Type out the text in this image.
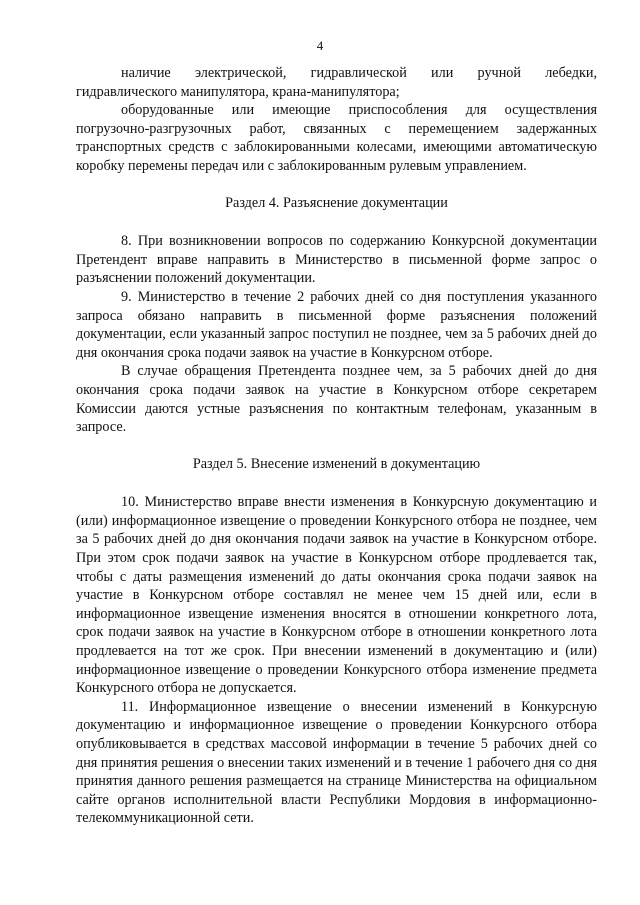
4

наличие электрической, гидравлической или ручной лебедки, гидравлического манипулятора, крана-манипулятора;

оборудованные или имеющие приспособления для осуществления погрузочно-разгрузочных работ, связанных с перемещением задержанных транспортных средств с заблокированными колесами, имеющими автоматическую коробку перемены передач или с заблокированным рулевым управлением.

Раздел 4. Разъяснение документации

8. При возникновении вопросов по содержанию Конкурсной документации Претендент вправе направить в Министерство в письменной форме запрос о разъяснении положений документации.

9. Министерство в течение 2 рабочих дней со дня поступления указанного запроса обязано направить в письменной форме разъяснения положений документации, если указанный запрос поступил не позднее, чем за 5 рабочих дней до дня окончания срока подачи заявок на участие в Конкурсном отборе.

В случае обращения Претендента позднее чем, за 5 рабочих дней до дня окончания срока подачи заявок на участие в Конкурсном отборе секретарем Комиссии даются устные разъяснения по контактным телефонам, указанным в запросе.

Раздел 5. Внесение изменений в документацию

10. Министерство вправе внести изменения в Конкурсную документацию и (или) информационное извещение о проведении Конкурсного отбора не позднее, чем за 5 рабочих дней до дня окончания подачи заявок на участие в Конкурсном отборе. При этом срок подачи заявок на участие в Конкурсном отборе продлевается так, чтобы с даты размещения изменений до даты окончания срока подачи заявок на участие в Конкурсном отборе составлял не менее чем 15 дней или, если в информационное извещение изменения вносятся в отношении конкретного лота, срок подачи заявок на участие в Конкурсном отборе в отношении конкретного лота продлевается на тот же срок. При внесении изменений в документацию и (или) информационное извещение о проведении Конкурсного отбора изменение предмета Конкурсного отбора не допускается.

11. Информационное извещение о внесении изменений в Конкурсную документацию и информационное извещение о проведении Конкурсного отбора опубликовывается в средствах массовой информации в течение 5 рабочих дней со дня принятия решения о внесении таких изменений и в течение 1 рабочего дня со дня принятия данного решения размещается на странице Министерства на официальном сайте органов исполнительной власти Республики Мордовия в информационно-телекоммуникационной сети.
